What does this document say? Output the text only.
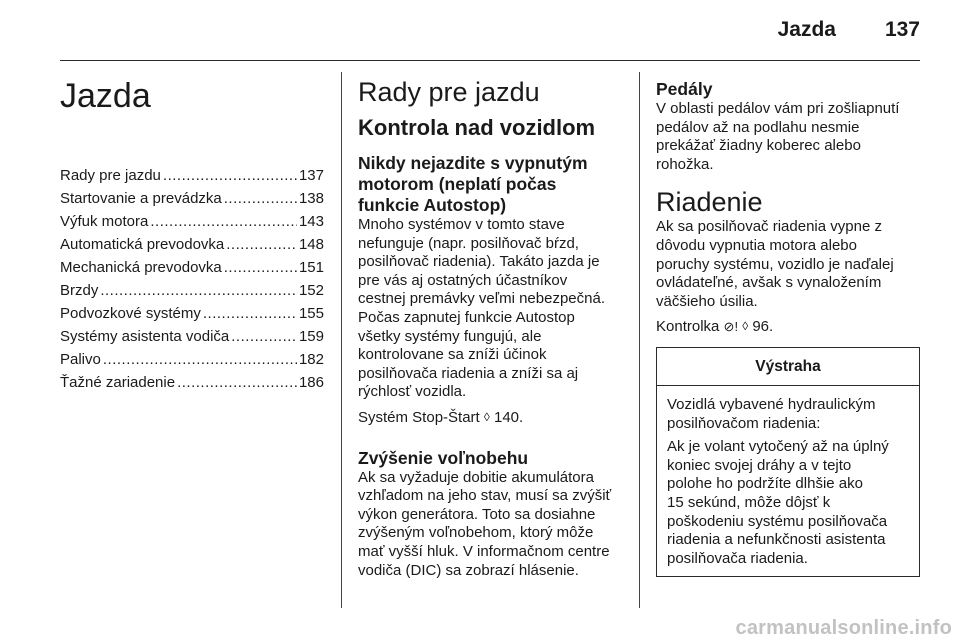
Jazda 137
Jazda
Rady pre jazdu .....	137
Startovanie a prevádzka .....	138
Výfuk motora .....	143
Automatická prevodovka .....	148
Mechanická prevodovka .....	151
Brzdy .....	152
Podvozkové systémy .....	155
Systémy asistenta vodiča .....	159
Palivo .....	182
Ťažné zariadenie .....	186
Rady pre jazdu
Kontrola nad vozidlom
Nikdy nejazdite s vypnutým motorom (neplatí počas funkcie Autostop)
Mnoho systémov v tomto stave
nefunguje (napr. posilňovač bŕzd,
posilňovač riadenia). Takáto jazda je
pre vás aj ostatných účastníkov
cestnej premávky veľmi nebezpečná.
Počas zapnutej funkcie Autostop
všetky systémy fungujú, ale
kontrolovane sa zníži účinok
posilňovača riadenia a zníži sa aj
rýchlosť vozidla.
Systém Stop-Štart ◊ 140.
Zvýšenie voľnobehu
Ak sa vyžaduje dobitie akumulátora
vzhľadom na jeho stav, musí sa zvýšiť
výkon generátora. Toto sa dosiahne
zvýšeným voľnobehom, ktorý môže
mať vyšší hluk. V informačnom centre
vodiča (DIC) sa zobrazí hlásenie.
Pedály
V oblasti pedálov vám pri zošliapnutí
pedálov až na podlahu nesmie
prekážať žiadny koberec alebo
rohožka.
Riadenie
Ak sa posilňovač riadenia vypne z
dôvodu vypnutia motora alebo
poruchy systému, vozidlo je naďalej
ovládateľné, avšak s vynaložením
väčšieho úsilia.
Kontrolka ⊘! ◊ 96.
Výstraha
Vozidlá vybavené hydraulickým
posilňovačom riadenia:
Ak je volant vytočený až na úplný
koniec svojej dráhy a v tejto
polohe ho podržíte dlhšie ako
15 sekúnd, môže dôjsť k
poškodeniu systému posilňovača
riadenia a nefunkčnosti asistenta
posilňovača riadenia.
carmanualsonline.info
